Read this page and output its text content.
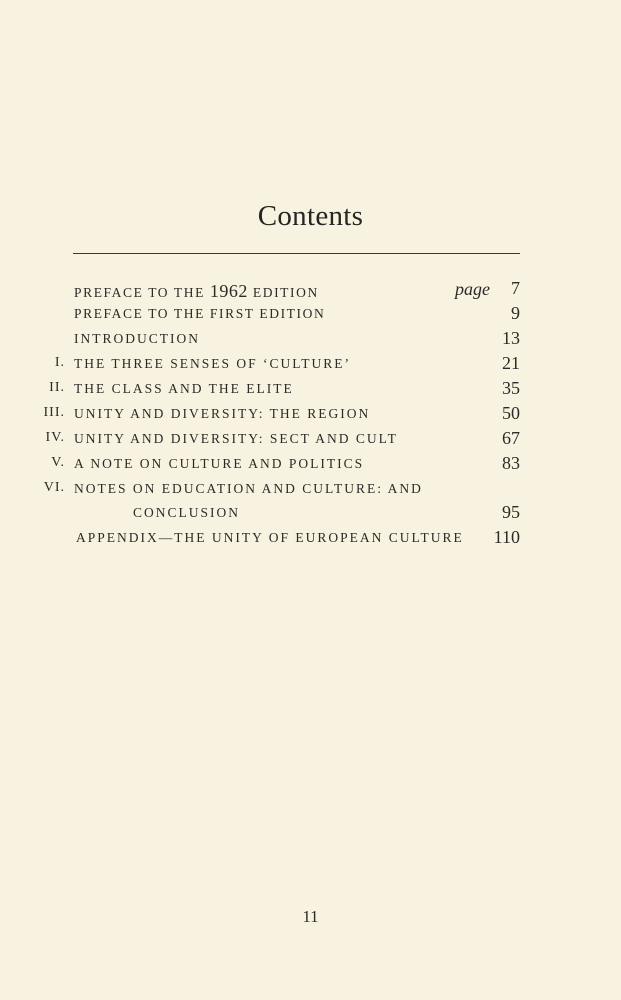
Contents
PREFACE TO THE 1962 EDITION	page 7
PREFACE TO THE FIRST EDITION	9
INTRODUCTION	13
I. THE THREE SENSES OF ‘CULTURE’	21
II. THE CLASS AND THE ELITE	35
III. UNITY AND DIVERSITY: THE REGION	50
IV. UNITY AND DIVERSITY: SECT AND CULT	67
V. A NOTE ON CULTURE AND POLITICS	83
VI. NOTES ON EDUCATION AND CULTURE: AND
CONCLUSION	95
APPENDIX—THE UNITY OF EUROPEAN CULTURE 110
11
